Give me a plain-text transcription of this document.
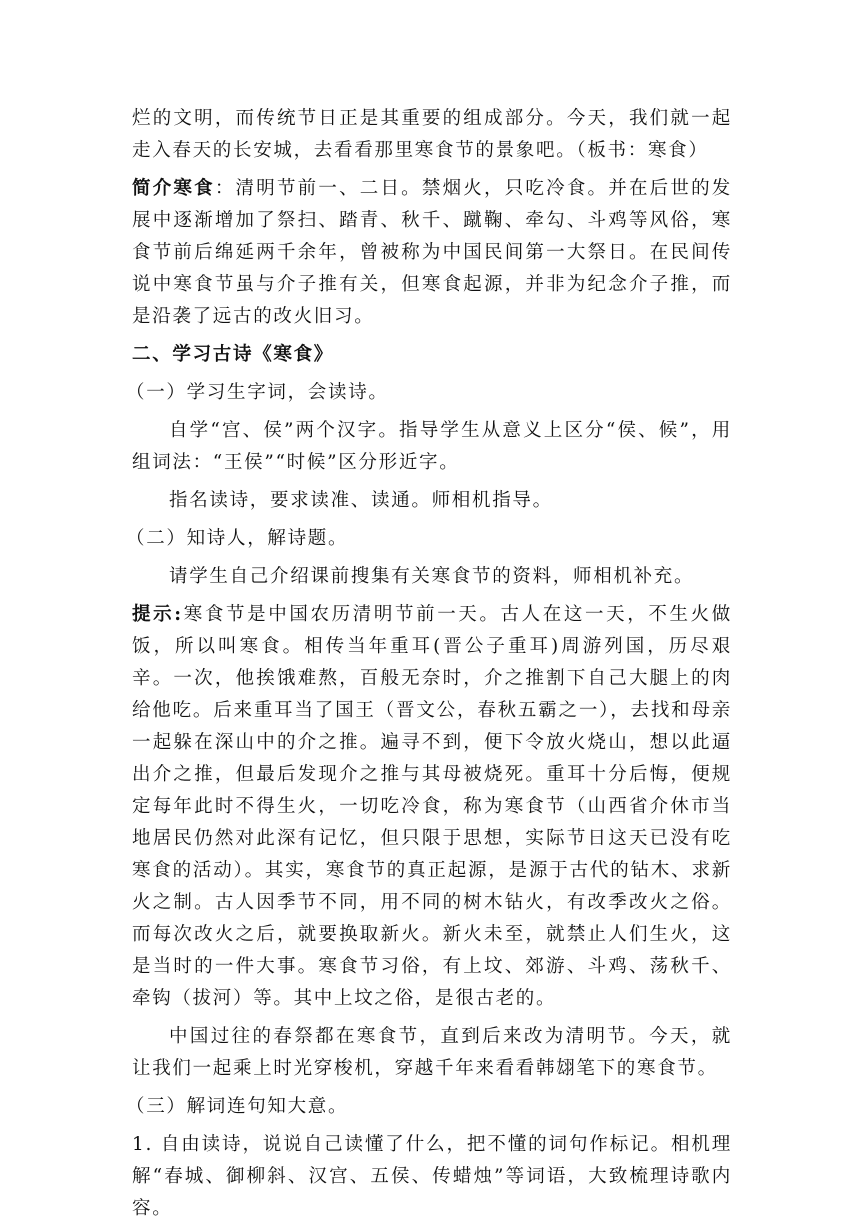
烂的文明，而传统节日正是其重要的组成部分。今天，我们就一起走入春天的长安城，去看看那里寒食节的景象吧。（板书：寒食）

简介寒食：清明节前一、二日。禁烟火，只吃冷食。并在后世的发展中逐渐增加了祭扫、踏青、秋千、蹴鞠、牵勾、斗鸡等风俗，寒食节前后绵延两千余年，曾被称为中国民间第一大祭日。在民间传说中寒食节虽与介子推有关，但寒食起源，并非为纪念介子推，而是沿袭了远古的改火旧习。

二、学习古诗《寒食》

（一）学习生字词，会读诗。

自学“宫、侯”两个汉字。指导学生从意义上区分“侯、候”，用组词法：“王侯”“时候”区分形近字。

指名读诗，要求读准、读通。师相机指导。

（二）知诗人，解诗题。

请学生自己介绍课前搜集有关寒食节的资料，师相机补充。

提示:寒食节是中国农历清明节前一天。古人在这一天，不生火做饭，所以叫寒食。相传当年重耳(晋公子重耳)周游列国，历尽艰辛。一次，他挨饿难熬，百般无奈时，介之推割下自己大腿上的肉给他吃。后来重耳当了国王（晋文公，春秋五霸之一），去找和母亲一起躲在深山中的介之推。遍寻不到，便下令放火烧山，想以此逼出介之推，但最后发现介之推与其母被烧死。重耳十分后悔，便规定每年此时不得生火，一切吃冷食，称为寒食节（山西省介休市当地居民仍然对此深有记忆，但只限于思想，实际节日这天已没有吃寒食的活动）。其实，寒食节的真正起源，是源于古代的钻木、求新火之制。古人因季节不同，用不同的树木钻火，有改季改火之俗。而每次改火之后，就要换取新火。新火未至，就禁止人们生火，这是当时的一件大事。寒食节习俗，有上坟、郊游、斗鸡、荡秋千、牵钩（拔河）等。其中上坟之俗，是很古老的。

中国过往的春祭都在寒食节，直到后来改为清明节。今天，就让我们一起乘上时光穿梭机，穿越千年来看看韩翃笔下的寒食节。

（三）解词连句知大意。

1. 自由读诗，说说自己读懂了什么，把不懂的词句作标记。相机理解“春城、御柳斜、汉宫、五侯、传蜡烛”等词语，大致梳理诗歌内容。
